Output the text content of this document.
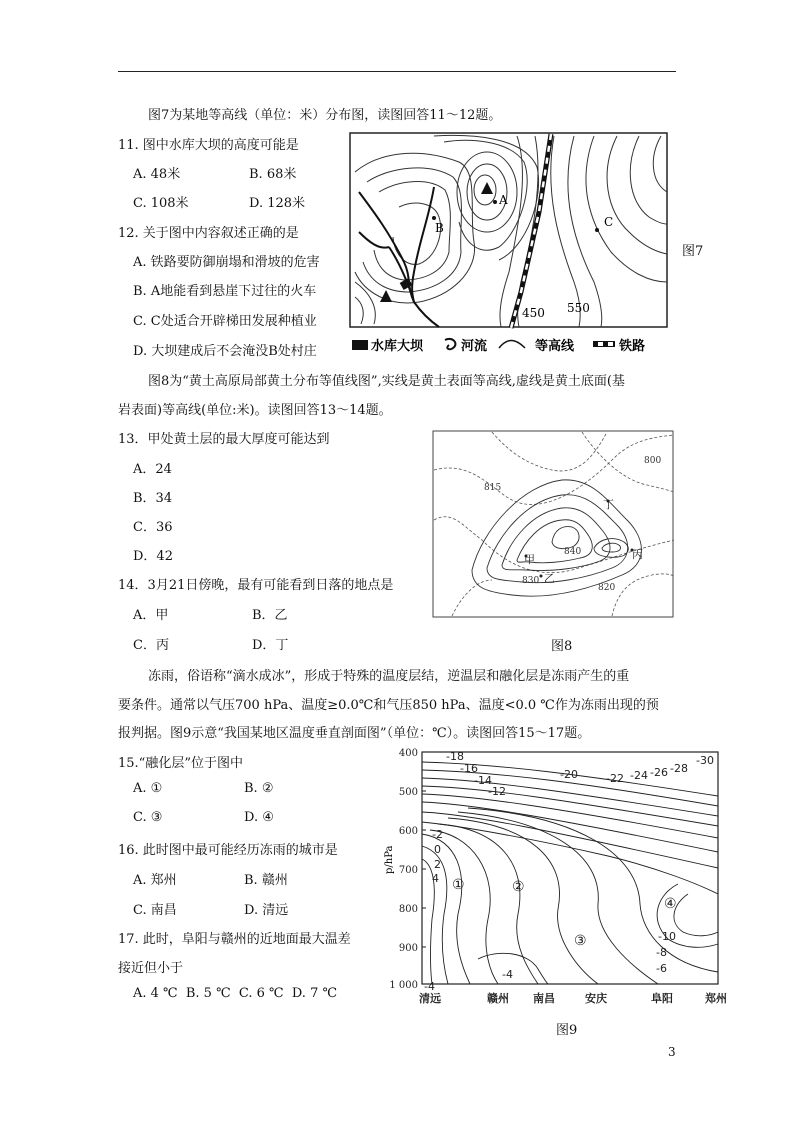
图7为某地等高线（单位：米）分布图，读图回答11～12题。
11. 图中水库大坝的高度可能是
A. 48米	B. 68米
C. 108米	D. 128米
12. 关于图中内容叙述正确的是
A. 铁路要防御崩塌和滑坡的危害
B. A地能看到悬崖下过往的火车
C. C处适合开辟梯田发展种植业
D. 大坝建成后不会淹没B处村庄
A
B	C
450 550
水库大坝	河流	等高线	铁路
图7
图8为“黄土高原局部黄土分布等值线图”,实线是黄土表面等高线,虚线是黄土底面(基
岩表面)等高线(单位:米)。读图回答13～14题。
13．甲处黄土层的最大厚度可能达到
A．24
B．34
C．36
D．42
14．3月21日傍晚，最有可能看到日落的地点是
A．甲	B．乙
C．丙	D．丁
800
815
840
830
820
甲
乙
丙
丁
图8
冻雨，俗语称“滴水成冰”，形成于特殊的温度层结，逆温层和融化层是冻雨产生的重
要条件。通常以气压700 hPa、温度≥0.0℃和气压850 hPa、温度<0.0 ℃作为冻雨出现的预
报判据。图9示意“我国某地区温度垂直剖面图”（单位：℃）。读图回答15～17题。
15.“融化层”位于图中
A. ①	B. ②
C. ③	D. ④
16. 此时图中最可能经历冻雨的城市是
A. 郑州	B. 赣州
C. 南昌	D. 清远
17. 此时，阜阳与赣州的近地面最大温差
接近但小于
A. 4 ℃  B. 5 ℃  C. 6 ℃  D. 7 ℃
400
500
600
700
800
900
1 000
p/hPa
清远	赣州 南昌	安庆	阜阳	郑州
-18
-16
-14
-12
-20	-22 -24 -26 -28
-30
-2
0
2
4
-4
-4	-6
-8
-10
①	②
③
④
图9
3
